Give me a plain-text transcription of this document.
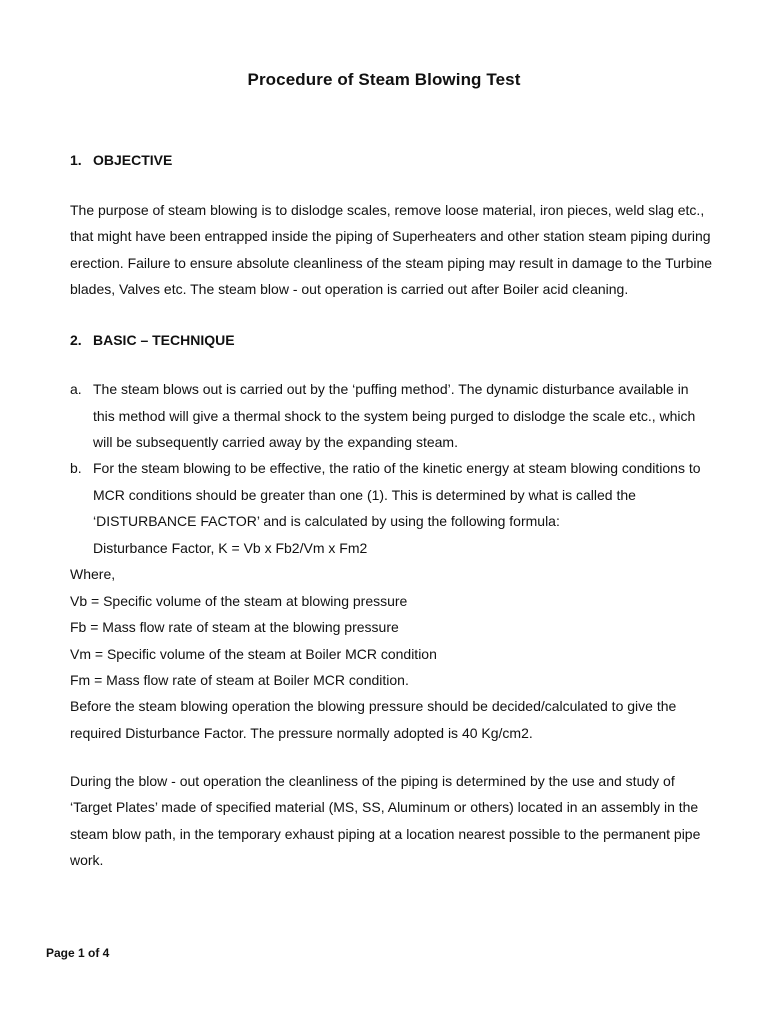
Procedure of Steam Blowing Test
1. OBJECTIVE
The purpose of steam blowing is to dislodge scales, remove loose material, iron pieces, weld slag etc.,
that might have been entrapped inside the piping of Superheaters and other station steam piping during
erection. Failure to ensure absolute cleanliness of the steam piping may result in damage to the Turbine
blades, Valves etc. The steam blow - out operation is carried out after Boiler acid cleaning.
2. BASIC – TECHNIQUE
a. The steam blows out is carried out by the ‘puffing method’. The dynamic disturbance available in
this method will give a thermal shock to the system being purged to dislodge the scale etc., which
will be subsequently carried away by the expanding steam.
b. For the steam blowing to be effective, the ratio of the kinetic energy at steam blowing conditions to
MCR conditions should be greater than one (1). This is determined by what is called the
‘DISTURBANCE FACTOR’ and is calculated by using the following formula:
Disturbance Factor, K = Vb x Fb2/Vm x Fm2
Where,
Vb = Specific volume of the steam at blowing pressure
Fb = Mass flow rate of steam at the blowing pressure
Vm = Specific volume of the steam at Boiler MCR condition
Fm = Mass flow rate of steam at Boiler MCR condition.
Before the steam blowing operation the blowing pressure should be decided/calculated to give the
required Disturbance Factor. The pressure normally adopted is 40 Kg/cm2.
During the blow - out operation the cleanliness of the piping is determined by the use and study of
‘Target Plates’ made of specified material (MS, SS, Aluminum or others) located in an assembly in the
steam blow path, in the temporary exhaust piping at a location nearest possible to the permanent pipe
work.
Page 1 of 4
